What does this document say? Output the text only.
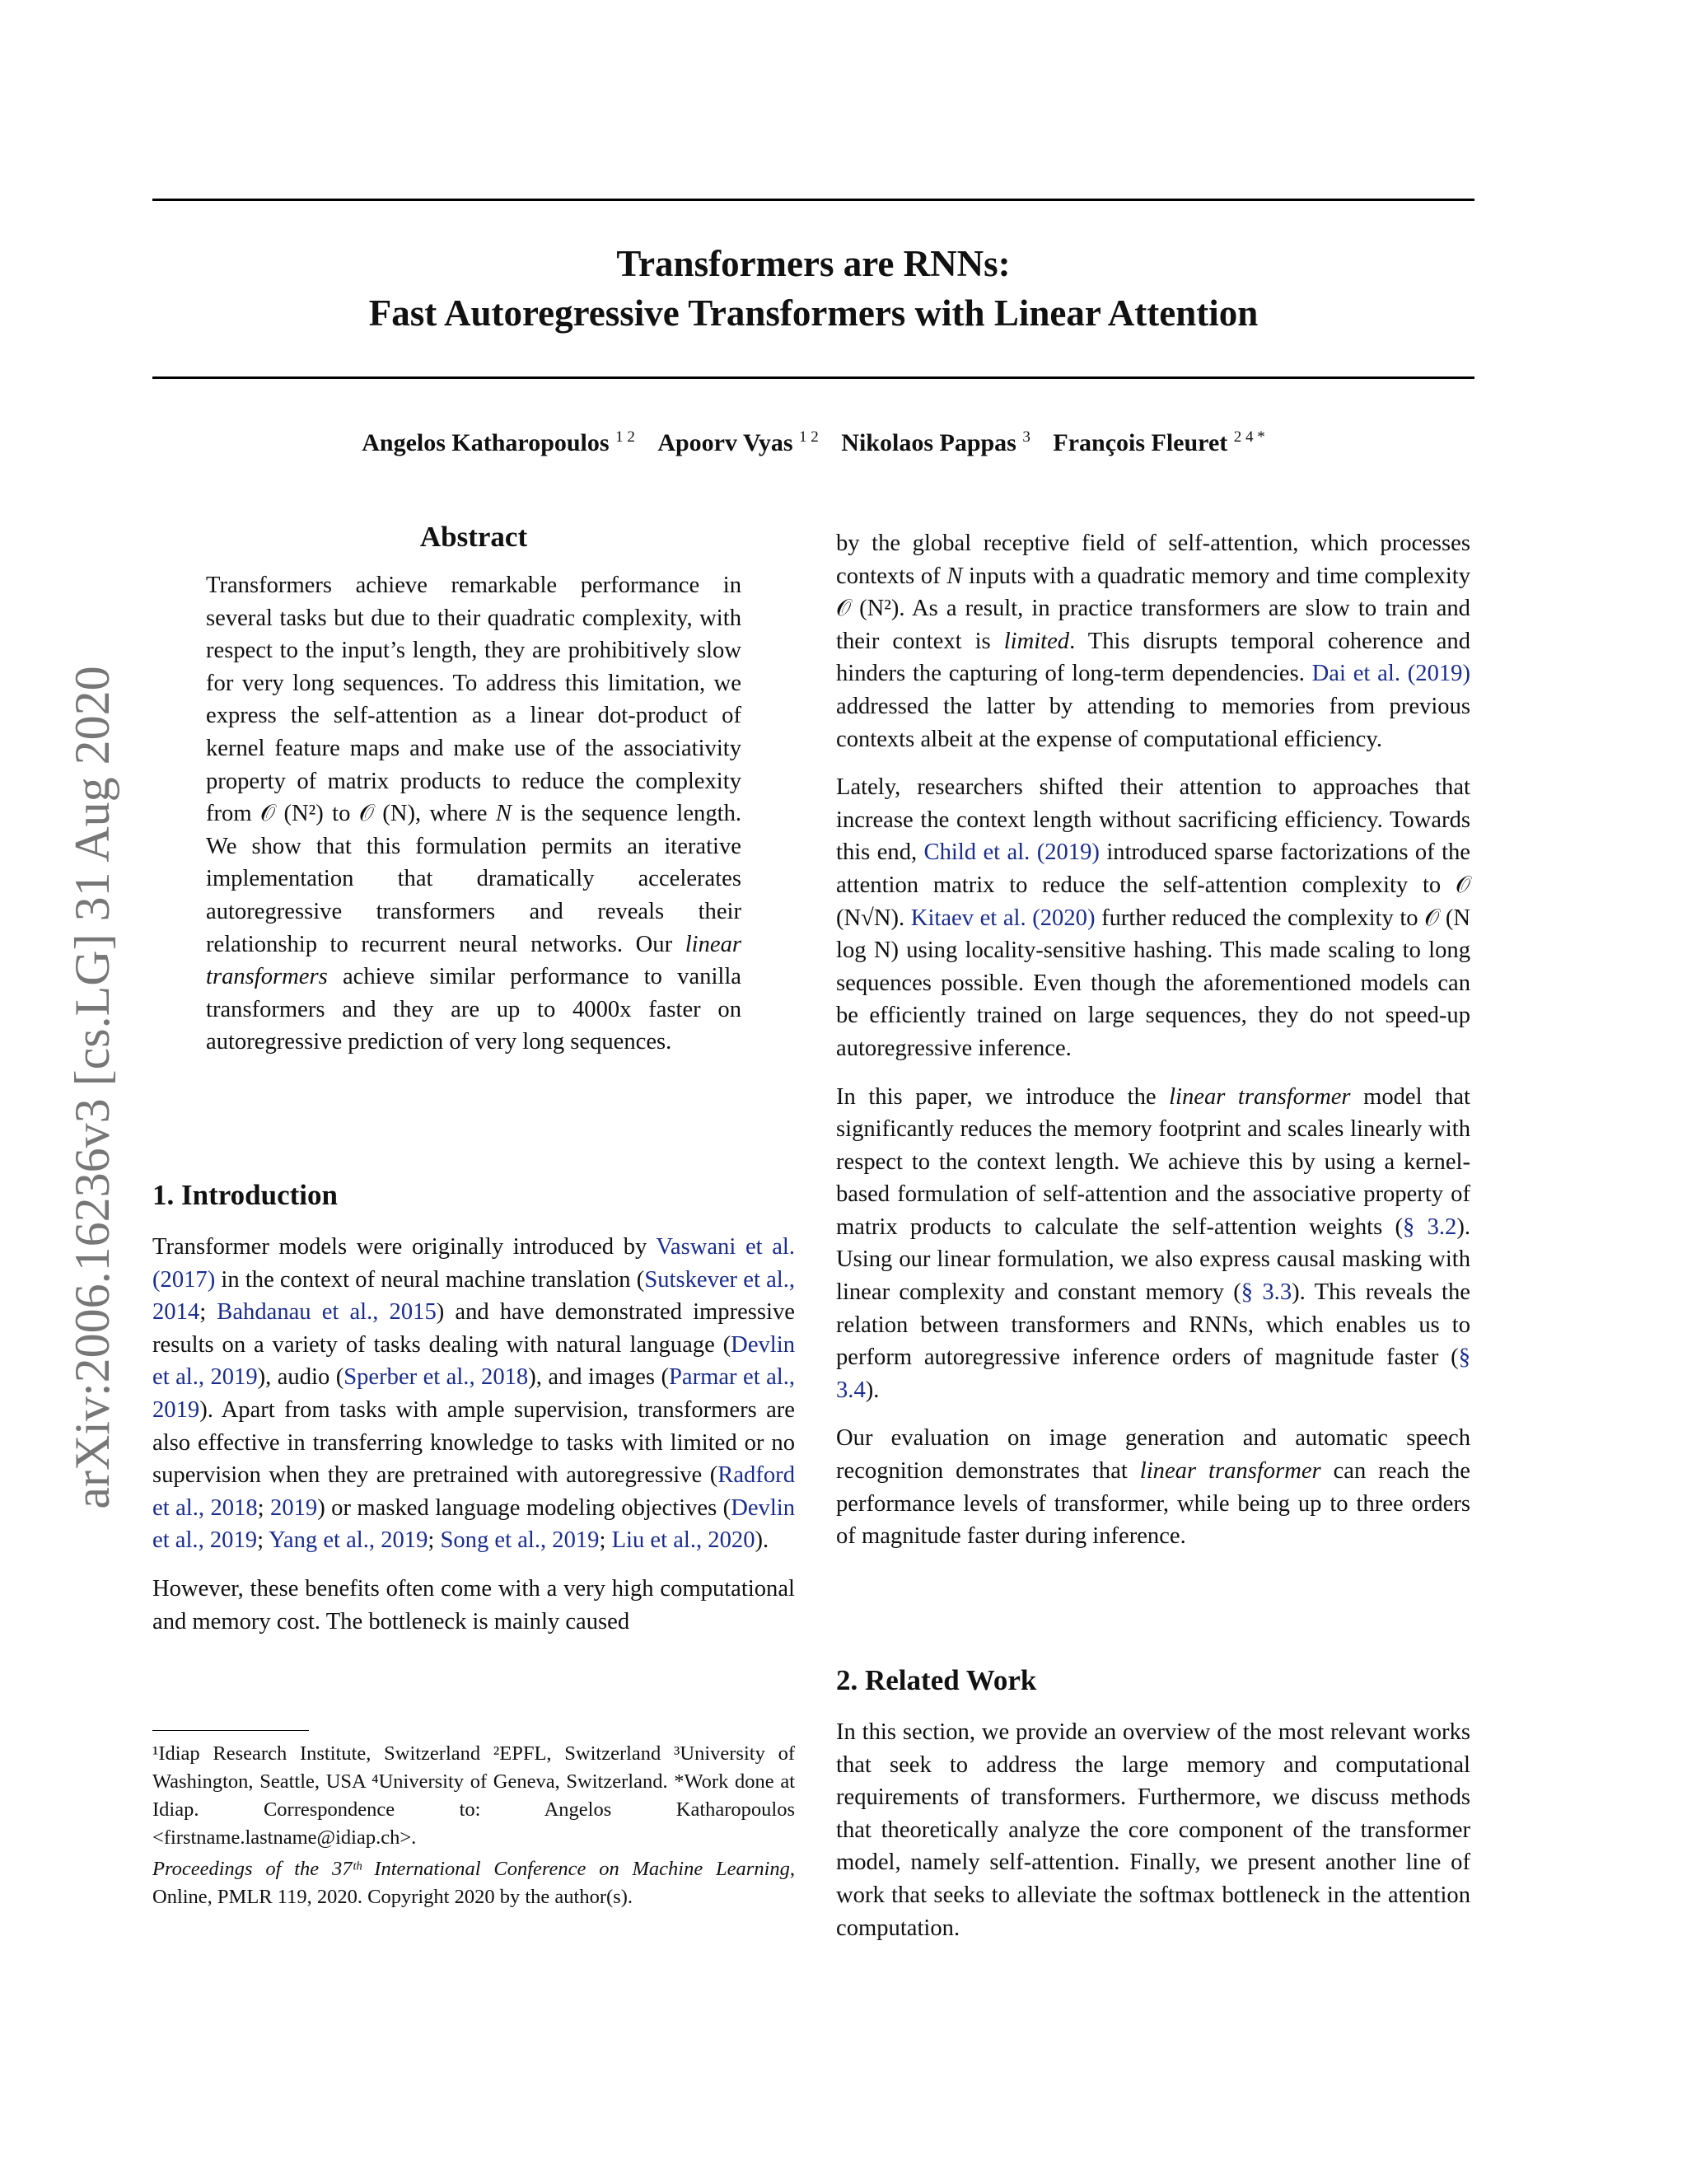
arXiv:2006.16236v3 [cs.LG] 31 Aug 2020
Transformers are RNNs:
Fast Autoregressive Transformers with Linear Attention
Angelos Katharopoulos $^{1 2}$ Apoorv Vyas $^{1 2}$ Nikolaos Pappas $^3$ François Fleuret $^{2 4 *}$
Abstract

Transformers achieve remarkable performance in several tasks but due to their quadratic complexity, with respect to the input’s length, they are prohibitively slow for very long sequences. To address this limitation, we express the self-attention as a linear dot-product of kernel feature maps and make use of the associativity property of matrix products to reduce the complexity from 𝒪 (N²) to 𝒪 (N), where N is the sequence length. We show that this formulation permits an iterative implementation that dramatically accelerates autoregressive transformers and reveals their relationship to recurrent neural networks. Our linear transformers achieve similar performance to vanilla transformers and they are up to 4000x faster on autoregressive prediction of very long sequences.

1. Introduction

Transformer models were originally introduced by Vaswani et al. (2017) in the context of neural machine translation (Sutskever et al., 2014; Bahdanau et al., 2015) and have demonstrated impressive results on a variety of tasks dealing with natural language (Devlin et al., 2019), audio (Sperber et al., 2018), and images (Parmar et al., 2019). Apart from tasks with ample supervision, transformers are also effective in transferring knowledge to tasks with limited or no supervision when they are pretrained with autoregressive (Radford et al., 2018; 2019) or masked language modeling objectives (Devlin et al., 2019; Yang et al., 2019; Song et al., 2019; Liu et al., 2020).

However, these benefits often come with a very high computational and memory cost. The bottleneck is mainly caused

¹Idiap Research Institute, Switzerland ²EPFL, Switzerland ³University of Washington, Seattle, USA ⁴University of Geneva, Switzerland. *Work done at Idiap. Correspondence to: Angelos Katharopoulos <firstname.lastname@idiap.ch>.
Proceedings of the 37ᵗʰ International Conference on Machine Learning, Online, PMLR 119, 2020. Copyright 2020 by the author(s).

by the global receptive field of self-attention, which processes contexts of N inputs with a quadratic memory and time complexity 𝒪 (N²). As a result, in practice transformers are slow to train and their context is limited. This disrupts temporal coherence and hinders the capturing of long-term dependencies. Dai et al. (2019) addressed the latter by attending to memories from previous contexts albeit at the expense of computational efficiency.

Lately, researchers shifted their attention to approaches that increase the context length without sacrificing efficiency. Towards this end, Child et al. (2019) introduced sparse factorizations of the attention matrix to reduce the self-attention complexity to 𝒪 (N√N). Kitaev et al. (2020) further reduced the complexity to 𝒪 (N log N) using locality-sensitive hashing. This made scaling to long sequences possible. Even though the aforementioned models can be efficiently trained on large sequences, they do not speed-up autoregressive inference.

In this paper, we introduce the linear transformer model that significantly reduces the memory footprint and scales linearly with respect to the context length. We achieve this by using a kernel-based formulation of self-attention and the associative property of matrix products to calculate the self-attention weights (§ 3.2). Using our linear formulation, we also express causal masking with linear complexity and constant memory (§ 3.3). This reveals the relation between transformers and RNNs, which enables us to perform autoregressive inference orders of magnitude faster (§ 3.4).

Our evaluation on image generation and automatic speech recognition demonstrates that linear transformer can reach the performance levels of transformer, while being up to three orders of magnitude faster during inference.

2. Related Work

In this section, we provide an overview of the most relevant works that seek to address the large memory and computational requirements of transformers. Furthermore, we discuss methods that theoretically analyze the core component of the transformer model, namely self-attention. Finally, we present another line of work that seeks to alleviate the softmax bottleneck in the attention computation.
